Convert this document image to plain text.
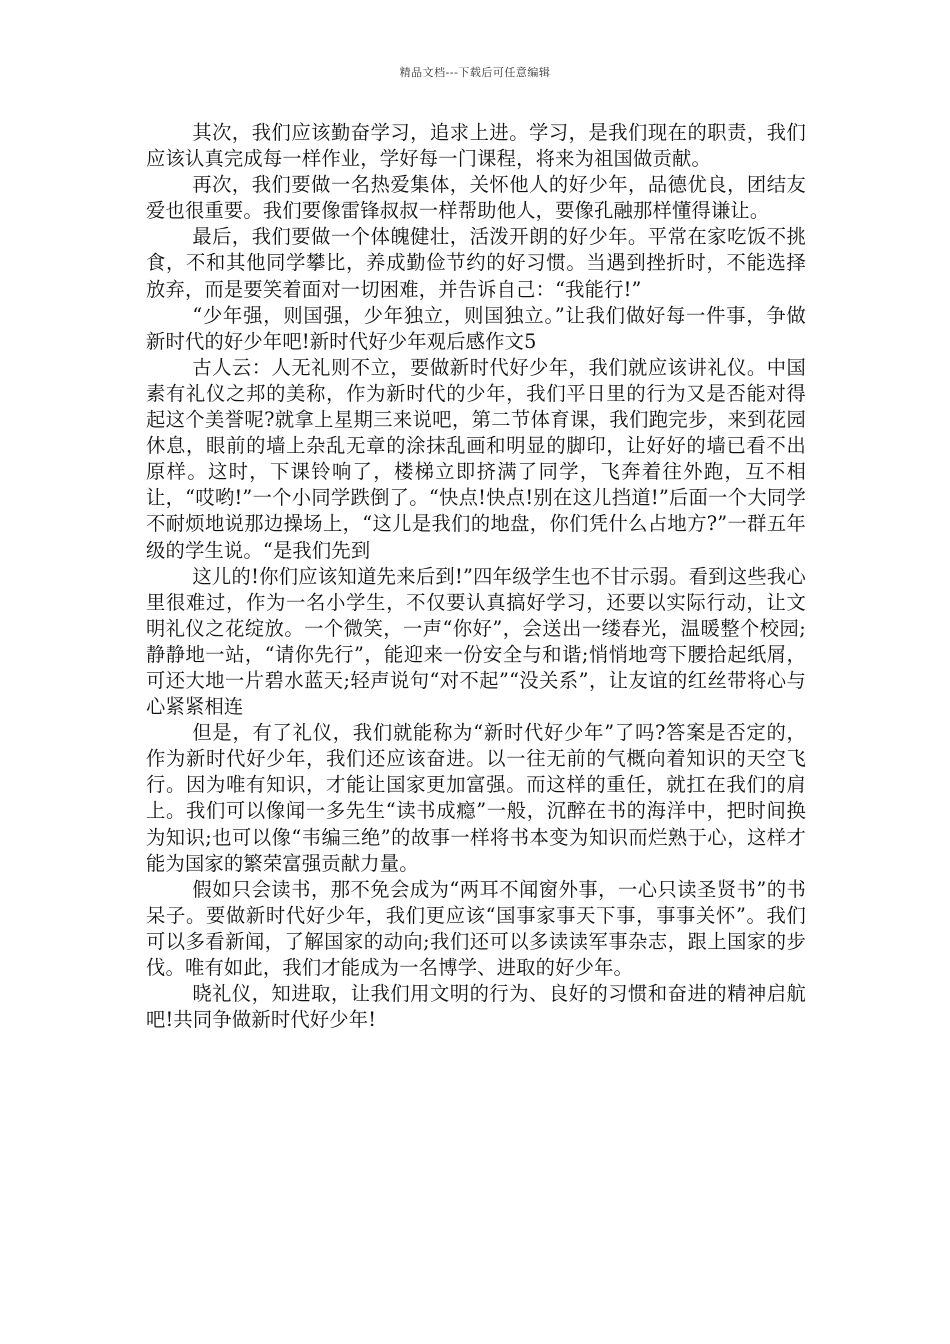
精品文档---下载后可任意编辑

其次，我们应该勤奋学习，追求上进。学习，是我们现在的职责，我们应该认真完成每一样作业，学好每一门课程，将来为祖国做贡献。

再次，我们要做一名热爱集体，关怀他人的好少年，品德优良，团结友爱也很重要。我们要像雷锋叔叔一样帮助他人，要像孔融那样懂得谦让。

最后，我们要做一个体魄健壮，活泼开朗的好少年。平常在家吃饭不挑食，不和其他同学攀比，养成勤俭节约的好习惯。当遇到挫折时，不能选择放弃，而是要笑着面对一切困难，并告诉自己：“我能行!”

“少年强，则国强，少年独立，则国独立。”让我们做好每一件事，争做新时代的好少年吧!新时代好少年观后感作文5

古人云：人无礼则不立，要做新时代好少年，我们就应该讲礼仪。中国素有礼仪之邦的美称，作为新时代的少年，我们平日里的行为又是否能对得起这个美誉呢?就拿上星期三来说吧，第二节体育课，我们跑完步，来到花园休息，眼前的墙上杂乱无章的涂抹乱画和明显的脚印，让好好的墙已看不出原样。这时，下课铃响了，楼梯立即挤满了同学，飞奔着往外跑，互不相让，“哎哟!”一个小同学跌倒了。“快点!快点!别在这儿挡道!”后面一个大同学不耐烦地说那边操场上，“这儿是我们的地盘，你们凭什么占地方?”一群五年级的学生说。“是我们先到

这儿的!你们应该知道先来后到!”四年级学生也不甘示弱。看到这些我心里很难过，作为一名小学生，不仅要认真搞好学习，还要以实际行动，让文明礼仪之花绽放。一个微笑，一声“你好”，会送出一缕春光，温暖整个校园;静静地一站，“请你先行”，能迎来一份安全与和谐;悄悄地弯下腰拾起纸屑，可还大地一片碧水蓝天;轻声说句“对不起”“没关系”，让友谊的红丝带将心与心紧紧相连

但是，有了礼仪，我们就能称为“新时代好少年”了吗?答案是否定的，作为新时代好少年，我们还应该奋进。以一往无前的气概向着知识的天空飞行。因为唯有知识，才能让国家更加富强。而这样的重任，就扛在我们的肩上。我们可以像闻一多先生“读书成瘾”一般，沉醉在书的海洋中，把时间换为知识;也可以像“韦编三绝”的故事一样将书本变为知识而烂熟于心，这样才能为国家的繁荣富强贡献力量。

假如只会读书，那不免会成为“两耳不闻窗外事，一心只读圣贤书”的书呆子。要做新时代好少年，我们更应该“国事家事天下事，事事关怀”。我们可以多看新闻，了解国家的动向;我们还可以多读读军事杂志，跟上国家的步伐。唯有如此，我们才能成为一名博学、进取的好少年。

晓礼仪，知进取，让我们用文明的行为、良好的习惯和奋进的精神启航吧!共同争做新时代好少年!
